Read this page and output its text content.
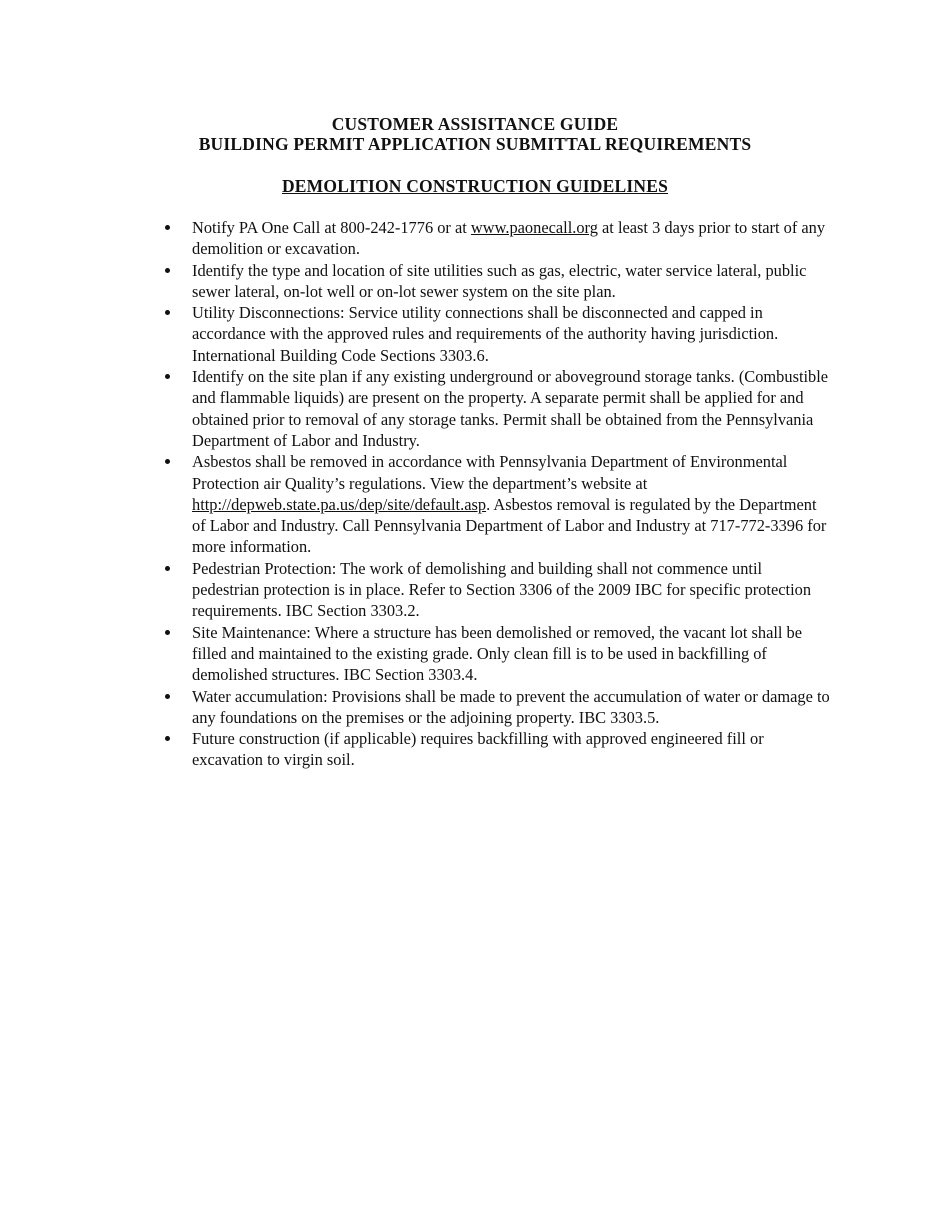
CUSTOMER ASSISITANCE GUIDE
BUILDING PERMIT APPLICATION SUBMITTAL REQUIREMENTS
DEMOLITION CONSTRUCTION GUIDELINES
Notify PA One Call at 800-242-1776 or at www.paonecall.org at least 3 days prior to start of any demolition or excavation.
Identify the type and location of site utilities such as gas, electric, water service lateral, public sewer lateral, on-lot well or on-lot sewer system on the site plan.
Utility Disconnections: Service utility connections shall be disconnected and capped in accordance with the approved rules and requirements of the authority having jurisdiction. International Building Code Sections 3303.6.
Identify on the site plan if any existing underground or aboveground storage tanks. (Combustible and flammable liquids) are present on the property. A separate permit shall be applied for and obtained prior to removal of any storage tanks. Permit shall be obtained from the Pennsylvania Department of Labor and Industry.
Asbestos shall be removed in accordance with Pennsylvania Department of Environmental Protection air Quality’s regulations. View the department’s website at http://depweb.state.pa.us/dep/site/default.asp. Asbestos removal is regulated by the Department of Labor and Industry. Call Pennsylvania Department of Labor and Industry at 717-772-3396 for more information.
Pedestrian Protection: The work of demolishing and building shall not commence until pedestrian protection is in place. Refer to Section 3306 of the 2009 IBC for specific protection requirements. IBC Section 3303.2.
Site Maintenance: Where a structure has been demolished or removed, the vacant lot shall be filled and maintained to the existing grade. Only clean fill is to be used in backfilling of demolished structures. IBC Section 3303.4.
Water accumulation: Provisions shall be made to prevent the accumulation of water or damage to any foundations on the premises or the adjoining property. IBC 3303.5.
Future construction (if applicable) requires backfilling with approved engineered fill or excavation to virgin soil.
